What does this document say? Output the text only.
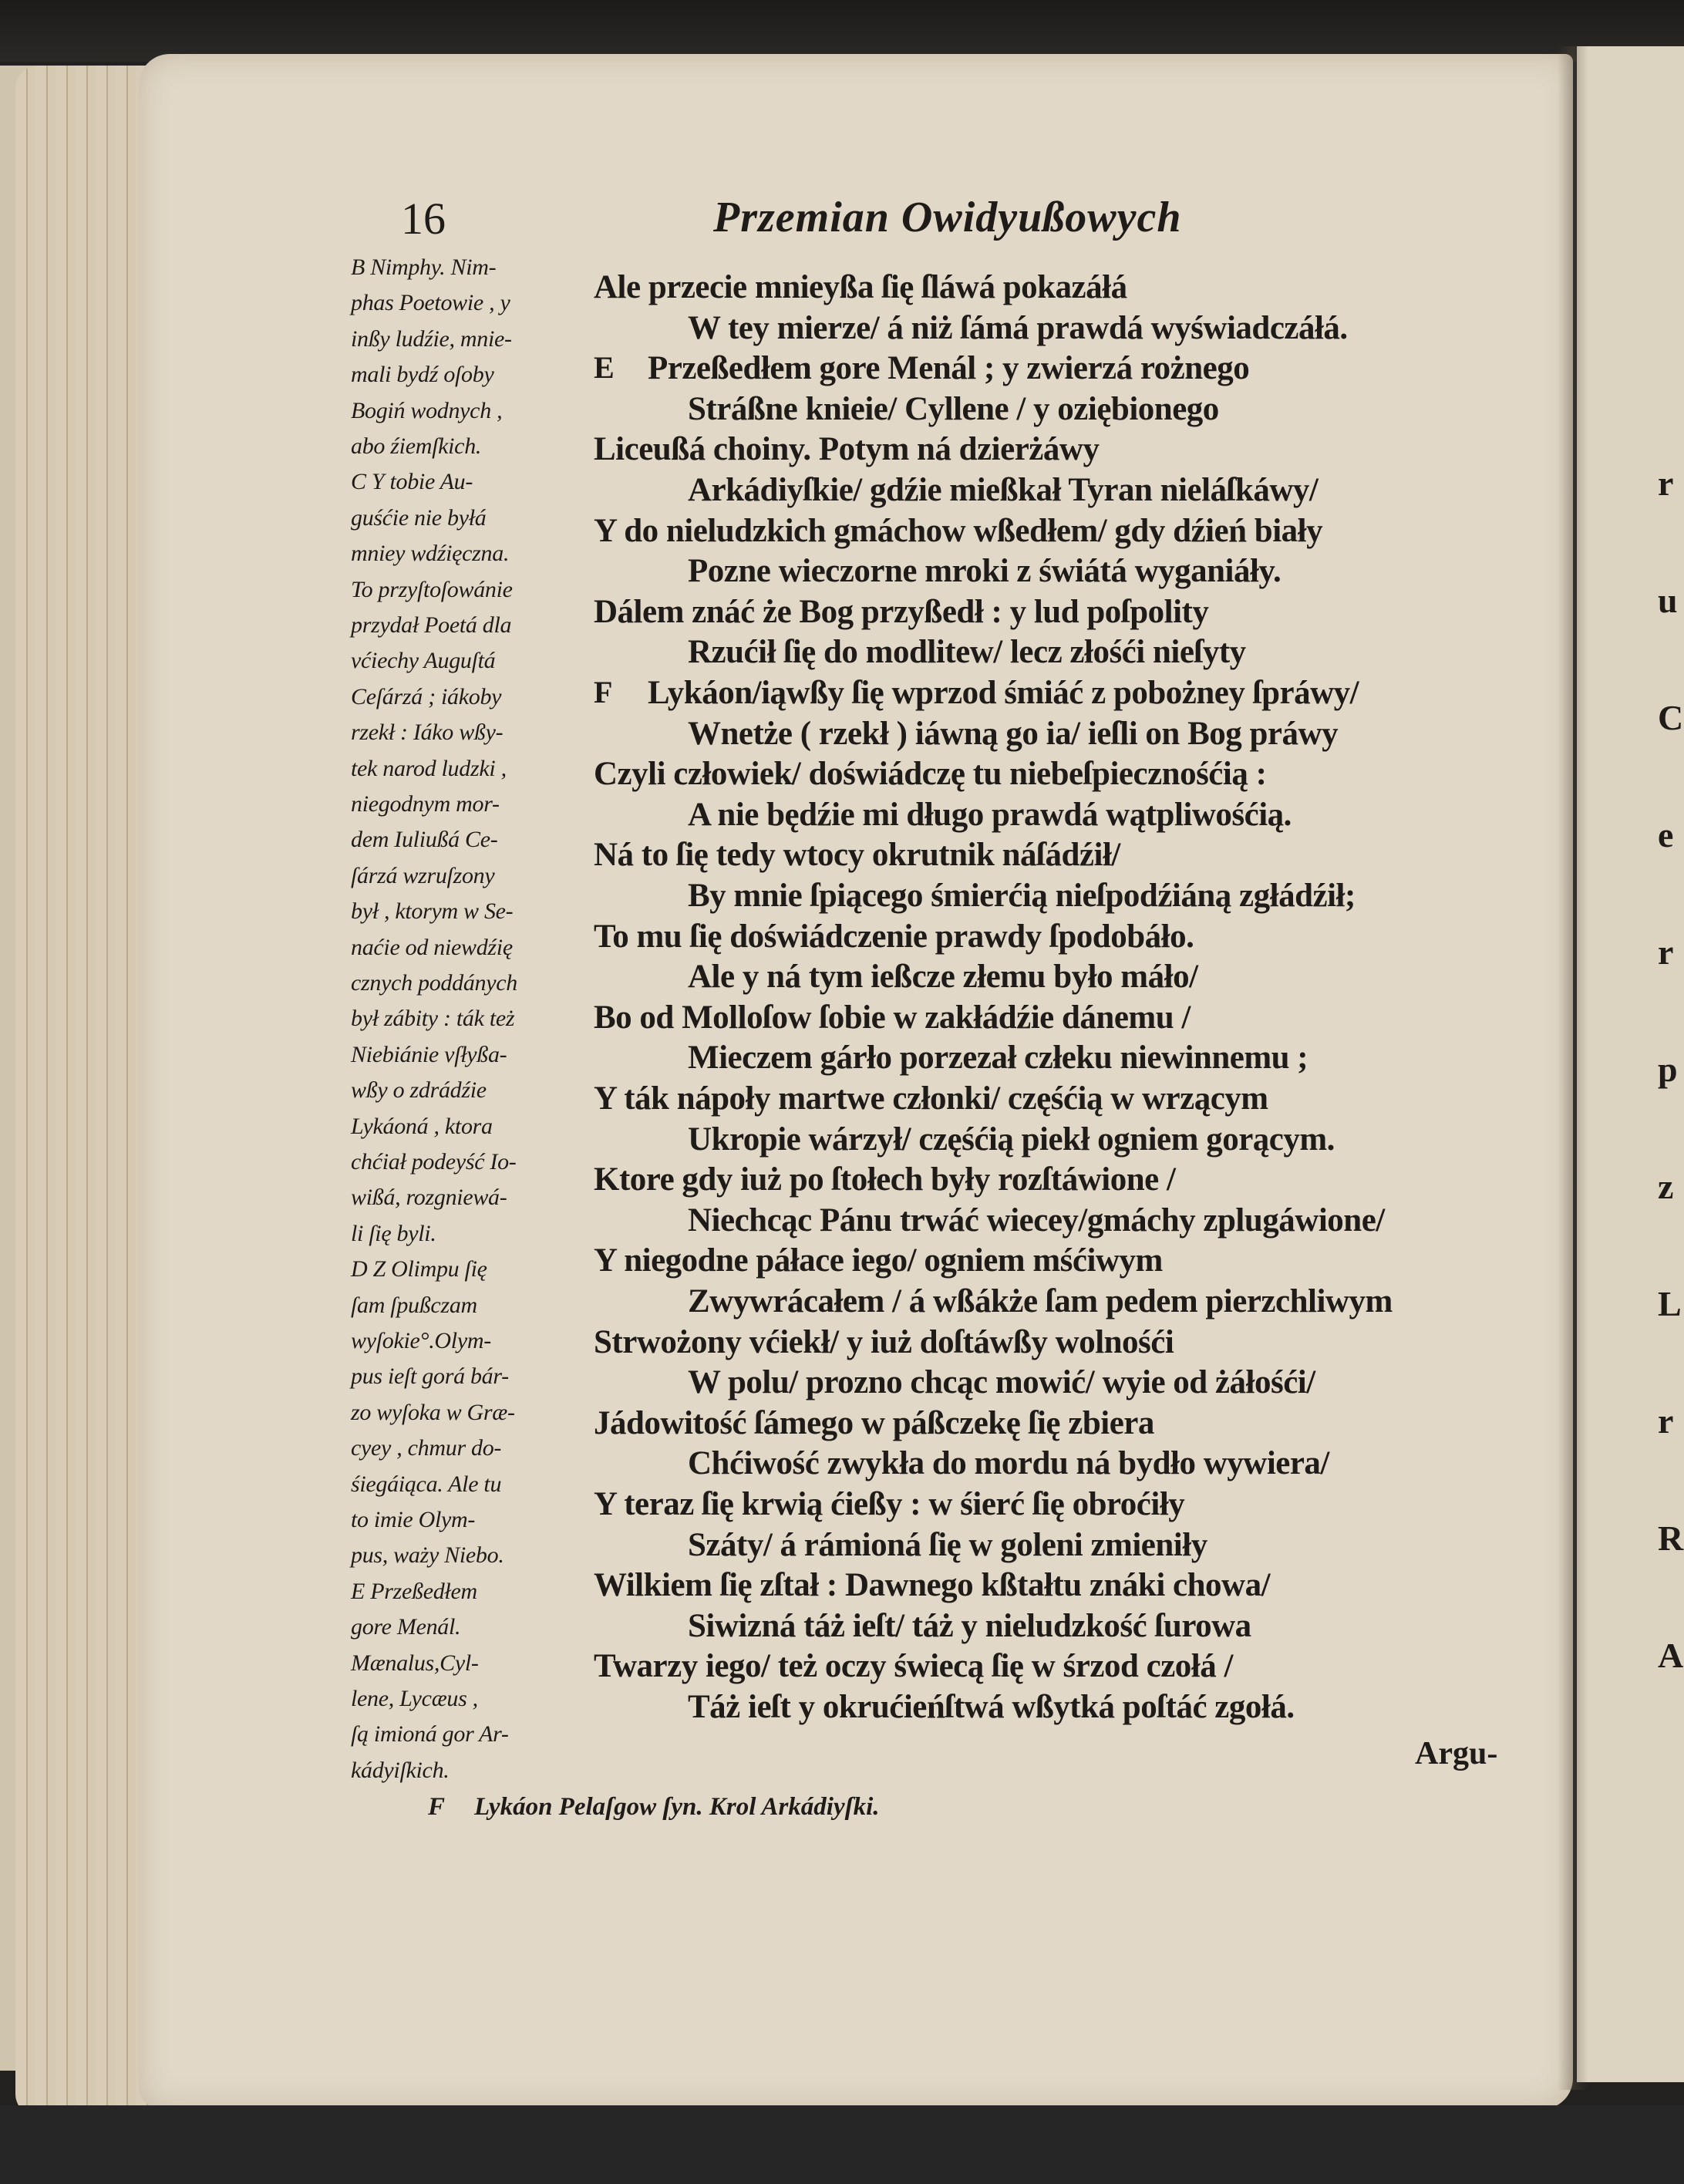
16	Przemian Owidyußowych
Ale przecie mnieyßa ſię ſláwá pokazáłá
W tey mierze/ á niż ſámá prawdá wyświadczáłá.
E Przeßedłem gore Menál ; y zwierzá rożnego
Stráßne knieie/ Cyllene / y oziębionego
Liceußá choiny. Potym ná dzierżáwy
Arkádiyſkie/ gdźie mießkał Tyran nieláſkáwy/
Y do nieludzkich gmáchow wßedłem/ gdy dźień biały
Pozne wieczorne mroki z świátá wyganiáły.
Dálem znáć że Bog przyßedł : y lud poſpolity
Rzućił ſię do modlitew/ lecz złośći nieſyty
F Lykáon/iąwßy ſię wprzod śmiáć z pobożney ſpráwy/
Wnetże ( rzekł ) iáwną go ia/ ieſli on Bog práwy
Czyli człowiek/ doświádczę tu niebeſpiecznośćią :
A nie będźie mi długo prawdá wątpliwośćią.
Ná to ſię tedy wtocy okrutnik náſádźił/
By mnie ſpiącego śmierćią nieſpodźiáną zgłádźił;
To mu ſię doświádczenie prawdy ſpodobáło.
Ale y ná tym ießcze złemu było máło/
Bo od Molloſow ſobie w zakłádźie dánemu /
Mieczem gárło porzezał człeku niewinnemu ;
Y ták nápoły martwe członki/ częśćią w wrzącym
Ukropie wárzył/ częśćią piekł ogniem gorącym.
Ktore gdy iuż po ſtołech były rozſtáwione /
Niechcąc Pánu trwáć wiecey/gmáchy zplugáwione/
Y niegodne páłace iego/ ogniem mśćiwym
Zwywrácałem / á wßákże ſam pedem pierzchliwym
Strwożony vćiekł/ y iuż doſtáwßy wolnośći
W polu/ prozno chcąc mowić/ wyie od żáłośći/
Jádowitość ſámego w páßczekę ſię zbiera
Chćiwość zwykła do mordu ná bydło wywiera/
Y teraz ſię krwią ćießy : w śierć ſię obroćiły
Száty/ á rámioná ſię w goleni zmieniły
Wilkiem ſię zſtał : Dawnego kßtałtu znáki chowa/
Siwizná táż ieſt/ táż y nieludzkość ſurowa
Twarzy iego/ też oczy świecą ſię w śrzod czołá /
Táż ieſt y okrućieńſtwá wßytká poſtáć zgołá.
B Nimphy. Nim-
phas Poetowie , y
inßy ludźie, mnie-
mali bydź oſoby
Bogiń wodnych ,
abo źiemſkich.
C Y tobie Au-
guśćie nie byłá
mniey wdźięczna.
To przyſtoſowánie
przydał Poetá dla
vćiechy Auguſtá
Ceſárzá ; iákoby
rzekł : Iáko wßy-
tek narod ludzki ,
niegodnym mor-
dem Iuliußá Ce-
ſárzá wzruſzony
był , ktorym w Se-
naćie od niewdźię
cznych poddánych
był zábity : ták też
Niebiánie vſłyßa-
wßy o zdrádźie
Lykáoná , ktora
chćiał podeyść Io-
wißá, rozgniewá-
li ſię byli.
D Z Olimpu ſię
ſam ſpußczam
wyſokie°.Olym-
pus ieſt gorá bár-
zo wyſoka w Græ-
cyey , chmur do-
śiegáiąca. Ale tu
to imie Olym-
pus, waży Niebo.
E Przeßedłem
gore Menál.
Mænalus,Cyl-
lene, Lycæus ,
ſą imioná gor Ar-
kádyiſkich.
r
u
C
e
r
p
z
L
r
R
A
Argu-
F Lykáon Pelaſgow ſyn. Krol Arkádiyſki.
